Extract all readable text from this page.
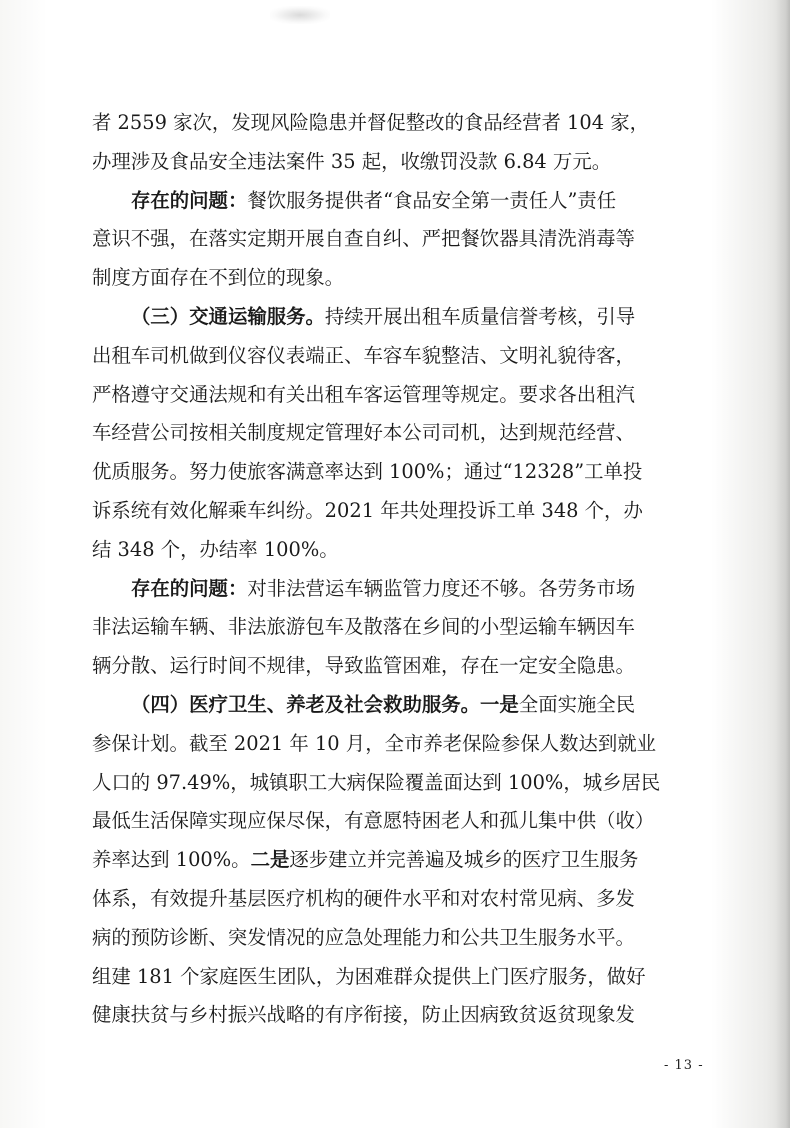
者 2559 家次，发现风险隐患并督促整改的食品经营者 104 家，
办理涉及食品安全违法案件 35 起，收缴罚没款 6.84 万元。
存在的问题：餐饮服务提供者“食品安全第一责任人”责任
意识不强，在落实定期开展自查自纠、严把餐饮器具清洗消毒等
制度方面存在不到位的现象。
（三）交通运输服务。持续开展出租车质量信誉考核，引导
出租车司机做到仪容仪表端正、车容车貌整洁、文明礼貌待客，
严格遵守交通法规和有关出租车客运管理等规定。要求各出租汽
车经营公司按相关制度规定管理好本公司司机，达到规范经营、
优质服务。努力使旅客满意率达到 100%；通过“12328”工单投
诉系统有效化解乘车纠纷。2021 年共处理投诉工单 348 个，办
结 348 个，办结率 100%。
存在的问题：对非法营运车辆监管力度还不够。各劳务市场
非法运输车辆、非法旅游包车及散落在乡间的小型运输车辆因车
辆分散、运行时间不规律，导致监管困难，存在一定安全隐患。
（四）医疗卫生、养老及社会救助服务。一是全面实施全民
参保计划。截至 2021 年 10 月，全市养老保险参保人数达到就业
人口的 97.49%，城镇职工大病保险覆盖面达到 100%，城乡居民
最低生活保障实现应保尽保，有意愿特困老人和孤儿集中供（收）
养率达到 100%。二是逐步建立并完善遍及城乡的医疗卫生服务
体系，有效提升基层医疗机构的硬件水平和对农村常见病、多发
病的预防诊断、突发情况的应急处理能力和公共卫生服务水平。
组建 181 个家庭医生团队，为困难群众提供上门医疗服务，做好
健康扶贫与乡村振兴战略的有序衔接，防止因病致贫返贫现象发
- 13 -
